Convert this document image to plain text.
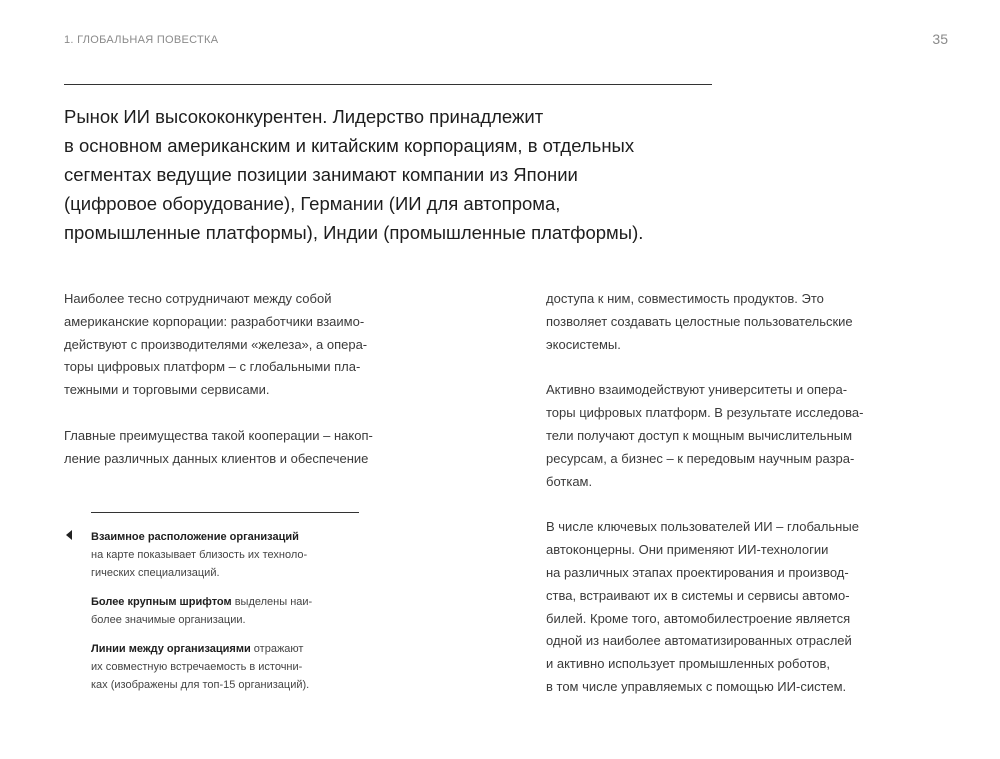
1. ГЛОБАЛЬНАЯ ПОВЕСТКА	35
Рынок ИИ высококонкурентен. Лидерство принадлежит
в основном американским и китайским корпорациям, в отдельных
сегментах ведущие позиции занимают компании из Японии
(цифровое оборудование), Германии (ИИ для автопрома,
промышленные платформы), Индии (промышленные платформы).

Наиболее тесно сотрудничают между собой
американские корпорации: разработчики взаимо-
действуют с производителями «железа», а опера-
торы цифровых платформ – с глобальными пла-
тежными и торговыми сервисами.

Главные преимущества такой кооперации – накоп-
ление различных данных клиентов и обеспечение

доступа к ним, совместимость продуктов. Это
позволяет создавать целостные пользовательские
экосистемы.

Активно взаимодействуют университеты и опера-
торы цифровых платформ. В результате исследова-
тели получают доступ к мощным вычислительным
ресурсам, а бизнес – к передовым научным разра-
боткам.

В числе ключевых пользователей ИИ – глобальные
автоконцерны. Они применяют ИИ-технологии
на различных этапах проектирования и производ-
ства, встраивают их в системы и сервисы автомо-
билей. Кроме того, автомобилестроение является
одной из наиболее автоматизированных отраслей
и активно использует промышленных роботов,
в том числе управляемых с помощью ИИ-систем.

Взаимное расположение организаций
на карте показывает близость их техноло-
гических специализаций.

Более крупным шрифтом выделены наи-
более значимые организации.

Линии между организациями отражают
их совместную встречаемость в источни-
ках (изображены для топ-15 организаций).
